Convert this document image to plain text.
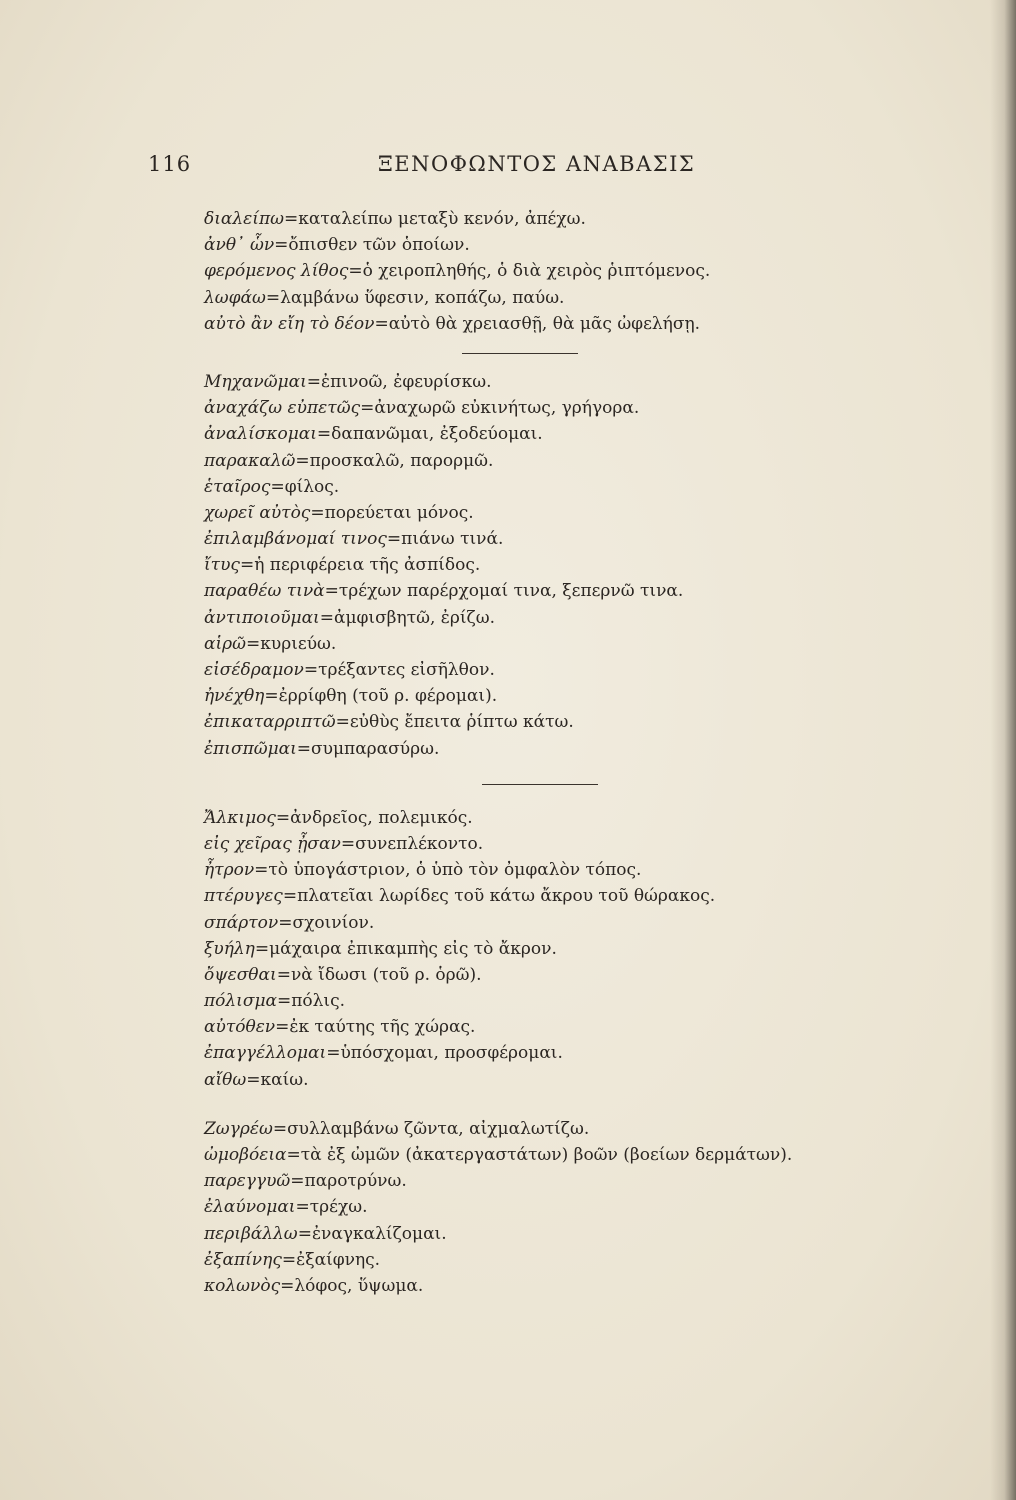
116	ΞΕΝΟΦΩΝΤΟΣ ΑΝΑΒΑΣΙΣ
διαλείπω=καταλείπω μεταξὺ κενόν, ἀπέχω.
ἀνθ᾽ ὧν=ὄπισθεν τῶν ὁποίων.
φερόμενος λίθος=ὁ χειροπληθής, ὁ διὰ χειρὸς ῥιπτόμενος.
λωφάω=λαμβάνω ὕφεσιν, κοπάζω, παύω.
αὐτὸ ἂν εἴη τὸ δέον=αὐτὸ θὰ χρειασθῇ, θὰ μᾶς ὠφελήσῃ.
Μηχανῶμαι=ἐπινοῶ, ἐφευρίσκω.
ἀναχάζω εὐπετῶς=ἀναχωρῶ εὐκινήτως, γρήγορα.
ἀναλίσκομαι=δαπανῶμαι, ἐξοδεύομαι.
παρακαλῶ=προσκαλῶ, παρορμῶ.
ἑταῖρος=φίλος.
χωρεῖ αὐτὸς=πορεύεται μόνος.
ἐπιλαμβάνομαί τινος=πιάνω τινά.
ἴτυς=ἡ περιφέρεια τῆς ἀσπίδος.
παραθέω τινὰ=τρέχων παρέρχομαί τινα, ξεπερνῶ τινα.
ἀντιποιοῦμαι=ἀμφισβητῶ, ἐρίζω.
αἱρῶ=κυριεύω.
εἰσέδραμον=τρέξαντες εἰσῆλθον.
ἠνέχθη=ἐρρίφθη (τοῦ ρ. φέρομαι).
ἐπικαταρριπτῶ=εὐθὺς ἔπειτα ῥίπτω κάτω.
ἐπισπῶμαι=συμπαρασύρω.
Ἄλκιμος=ἀνδρεῖος, πολεμικός.
εἰς χεῖρας ᾖσαν=συνεπλέκοντο.
ἦτρον=τὸ ὑπογάστριον, ὁ ὑπὸ τὸν ὀμφαλὸν τόπος.
πτέρυγες=πλατεῖαι λωρίδες τοῦ κάτω ἄκρου τοῦ θώρακος.
σπάρτον=σχοινίον.
ξυήλη=μάχαιρα ἐπικαμπὴς εἰς τὸ ἄκρον.
ὄψεσθαι=νὰ ἴδωσι (τοῦ ρ. ὁρῶ).
πόλισμα=πόλις.
αὐτόθεν=ἐκ ταύτης τῆς χώρας.
ἐπαγγέλλομαι=ὑπόσχομαι, προσφέρομαι.
αἴθω=καίω.
Ζωγρέω=συλλαμβάνω ζῶντα, αἰχμαλωτίζω.
ὠμοβόεια=τὰ ἐξ ὠμῶν (ἀκατεργαστάτων) βοῶν (βοείων δερμάτων).
παρεγγυῶ=παροτρύνω.
ἐλαύνομαι=τρέχω.
περιβάλλω=ἐναγκαλίζομαι.
ἐξαπίνης=ἐξαίφνης.
κολωνὸς=λόφος, ὕψωμα.
